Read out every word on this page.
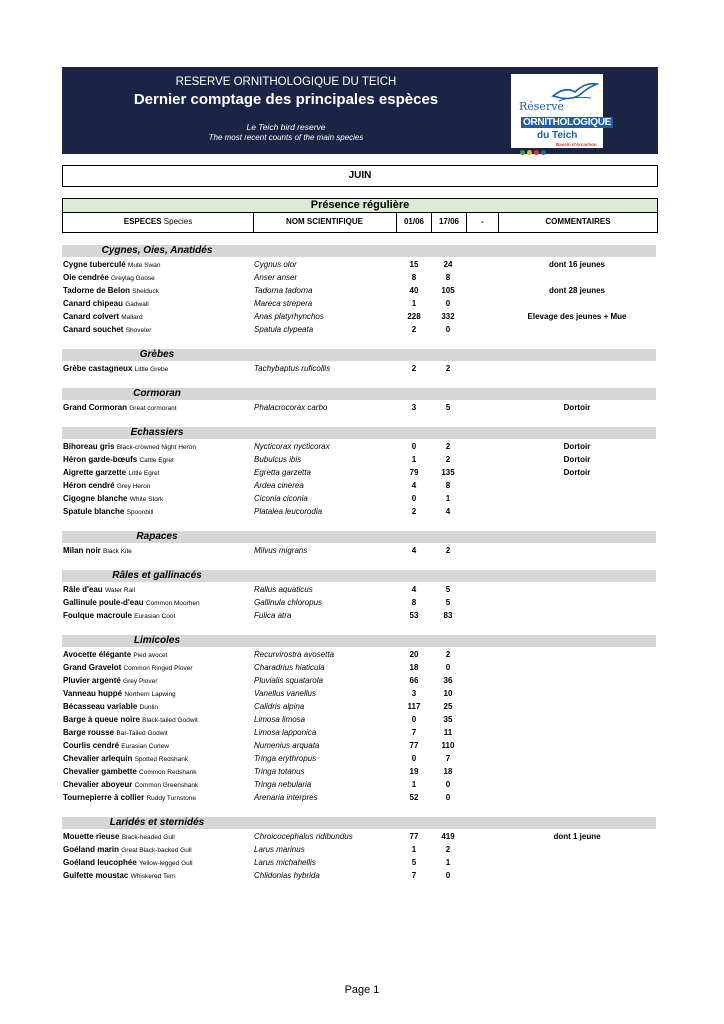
RESERVE ORNITHOLOGIQUE DU TEICH
Dernier comptage des principales espèces
Le Teich bird reserve
The most recent counts of the main species
Réserve
ORNITHOLOGIQUE
du Teich
Bassin d'Arcachon
JUIN
Présence régulière
ESPECES Species	NOM SCIENTIFIQUE	01/06	17/06	-	COMMENTAIRES
Cygnes, Oies, Anatidés
Cygne tuberculé Mute Swan	Cygnus olor	15	24	dont 16 jeunes
Oie cendrée Greylag Goose	Anser anser	8	8
Tadorne de Belon Shelduck	Tadorna tadorna	40	105	dont 28 jeunes
Canard chipeau Gadwall	Mareca strepera	1	0
Canard colvert Mallard	Anas platyrhynchos	228	332	Elevage des jeunes + Mue
Canard souchet Shoveler	Spatula clypeata	2	0
Grèbes
Grèbe castagneux Little Grebe	Tachybaptus ruficollis	2	2
Cormoran
Grand Cormoran Great cormorant	Phalacrocorax carbo	3	5	Dortoir
Echassiers
Bihoreau gris Black-crowned Night Heron	Nycticorax nycticorax	0	2	Dortoir
Héron garde-bœufs Cattle Egret	Bubulcus ibis	1	2	Dortoir
Aigrette garzette Little Egret	Egretta garzetta	79	135	Dortoir
Héron cendré Grey Heron	Ardea cinerea	4	8
Cigogne blanche White Stork	Ciconia ciconia	0	1
Spatule blanche Spoonbill	Platalea leucorodia	2	4
Rapaces
Milan noir Black Kite	Milvus migrans	4	2
Râles et gallinacés
Râle d'eau Water Rail	Rallus aquaticus	4	5
Gallinule poule-d'eau Common Moorhen	Gallinula chloropus	8	5
Foulque macroule Eurasian Coot	Fulica atra	53	83
Limicoles
Avocette élégante Pied avocet	Recurvirostra avosetta	20	2
Grand Gravelot Common Ringed Plover	Charadrius hiaticula	18	0
Pluvier argenté Grey Plover	Pluvialis squatarola	66	36
Vanneau huppé Northern Lapwing	Vanellus vanellus	3	10
Bécasseau variable Dunlin	Calidris alpina	117	25
Barge à queue noire Black-tailed Godwit	Limosa limosa	0	35
Barge rousse Bar-Tailed Godwit	Limosa lapponica	7	11
Courlis cendré Eurasian Curlew	Numenius arquata	77	110
Chevalier arlequin Spotted Redshank	Tringa erythropus	0	7
Chevalier gambette Common Redshank	Tringa totanus	19	18
Chevalier aboyeur Common Greenshank	Tringa nebularia	1	0
Tournepierre à collier Ruddy Turnstone	Arenaria interpres	52	0
Laridés et sternidés
Mouette rieuse Black-headed Gull	Chroicocephalus ridibundus	77	419	dont 1 jeune
Goéland marin Great Black-backed Gull	Larus marinus	1	2
Goéland leucophée Yellow-legged Gull	Larus michahellis	5	1
Guifette moustac Whiskered Tern	Chlidonias hybrida	7	0
Page 1
